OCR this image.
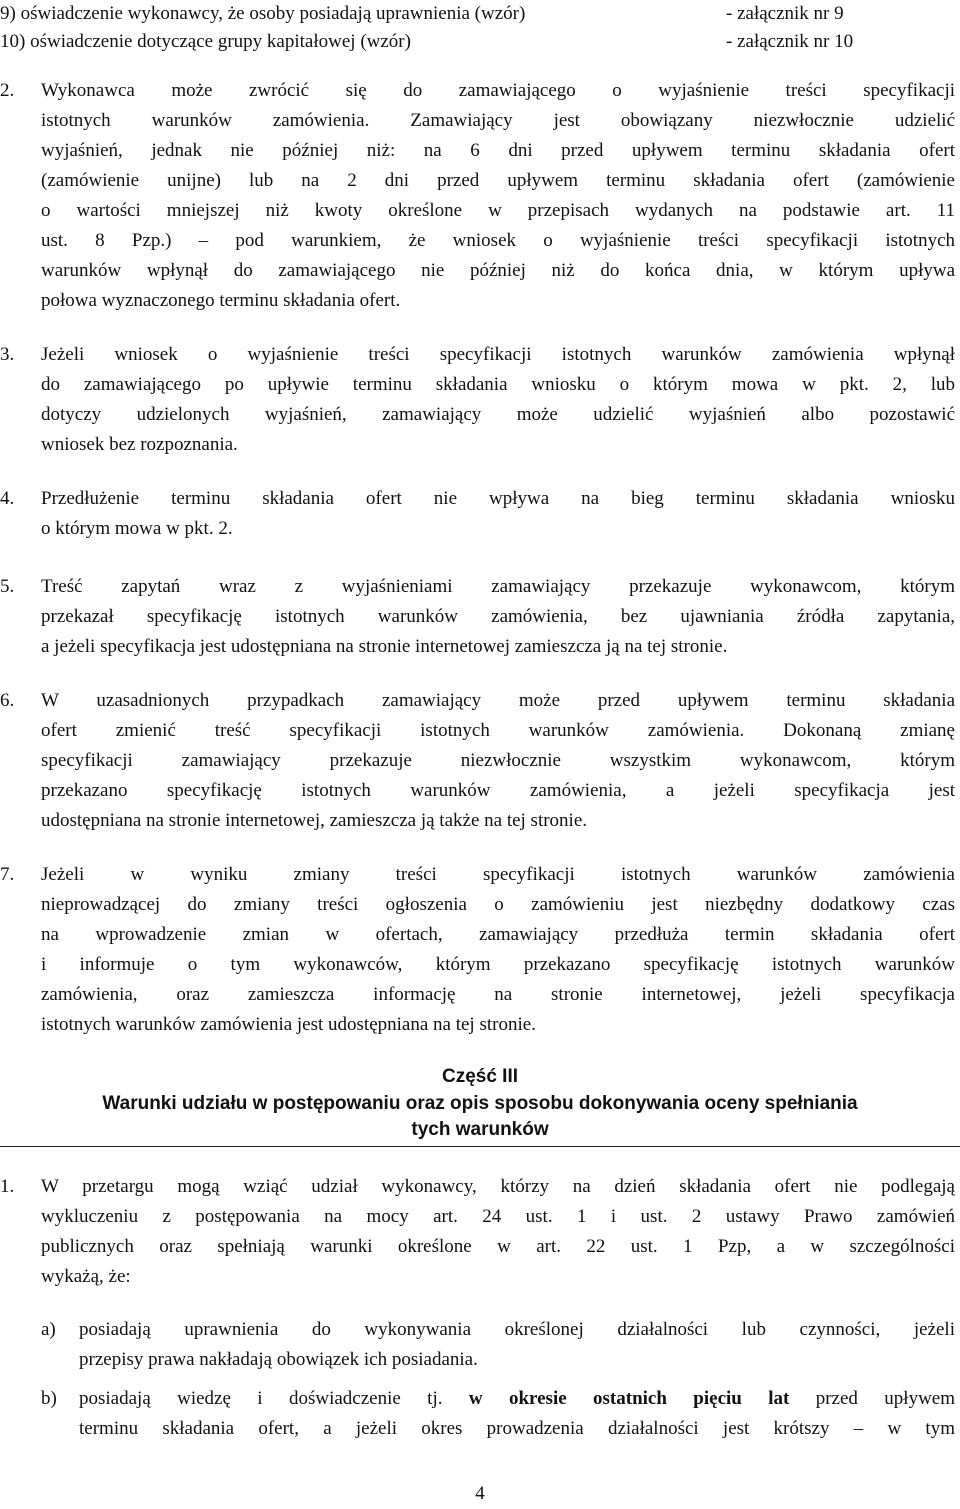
9) oświadczenie wykonawcy, że osoby posiadają uprawnienia (wzór)	- załącznik nr 9
10) oświadczenie dotyczące grupy kapitałowej (wzór)	- załącznik nr 10
2. Wykonawca może zwrócić się do zamawiającego o wyjaśnienie treści specyfikacji
istotnych warunków zamówienia. Zamawiający jest obowiązany niezwłocznie udzielić
wyjaśnień, jednak nie później niż: na 6 dni przed upływem terminu składania ofert
(zamówienie unijne) lub na 2 dni przed upływem terminu składania ofert (zamówienie
o wartości mniejszej niż kwoty określone w przepisach wydanych na podstawie art. 11
ust. 8 Pzp.) – pod warunkiem, że wniosek o wyjaśnienie treści specyfikacji istotnych
warunków wpłynął do zamawiającego nie później niż do końca dnia, w którym upływa
połowa wyznaczonego terminu składania ofert.
3. Jeżeli wniosek o wyjaśnienie treści specyfikacji istotnych warunków zamówienia wpłynął
do zamawiającego po upływie terminu składania wniosku o którym mowa w pkt. 2, lub
dotyczy udzielonych wyjaśnień, zamawiający może udzielić wyjaśnień albo pozostawić
wniosek bez rozpoznania.
4. Przedłużenie terminu składania ofert nie wpływa na bieg terminu składania wniosku
o którym mowa w pkt. 2.
5. Treść zapytań wraz z wyjaśnieniami zamawiający przekazuje wykonawcom, którym
przekazał specyfikację istotnych warunków zamówienia, bez ujawniania źródła zapytania,
a jeżeli specyfikacja jest udostępniana na stronie internetowej zamieszcza ją na tej stronie.
6. W uzasadnionych przypadkach zamawiający może przed upływem terminu składania
ofert zmienić treść specyfikacji istotnych warunków zamówienia. Dokonaną zmianę
specyfikacji zamawiający przekazuje niezwłocznie wszystkim wykonawcom, którym
przekazano specyfikację istotnych warunków zamówienia, a jeżeli specyfikacja jest
udostępniana na stronie internetowej, zamieszcza ją także na tej stronie.
7. Jeżeli w wyniku zmiany treści specyfikacji istotnych warunków zamówienia
nieprowadzącej do zmiany treści ogłoszenia o zamówieniu jest niezbędny dodatkowy czas
na wprowadzenie zmian w ofertach, zamawiający przedłuża termin składania ofert
i informuje o tym wykonawców, którym przekazano specyfikację istotnych warunków
zamówienia, oraz zamieszcza informację na stronie internetowej, jeżeli specyfikacja
istotnych warunków zamówienia jest udostępniana na tej stronie.
Część III
Warunki udziału w postępowaniu oraz opis sposobu dokonywania oceny spełniania
tych warunków
1. W przetargu mogą wziąć udział wykonawcy, którzy na dzień składania ofert nie podlegają
wykluczeniu z postępowania na mocy art. 24 ust. 1 i ust. 2 ustawy Prawo zamówień
publicznych oraz spełniają warunki określone w art. 22 ust. 1 Pzp, a w szczególności
wykażą, że:
a) posiadają uprawnienia do wykonywania określonej działalności lub czynności, jeżeli
przepisy prawa nakładają obowiązek ich posiadania.
b) posiadają wiedzę i doświadczenie tj. w okresie ostatnich pięciu lat przed upływem
terminu składania ofert, a jeżeli okres prowadzenia działalności jest krótszy – w tym
4
